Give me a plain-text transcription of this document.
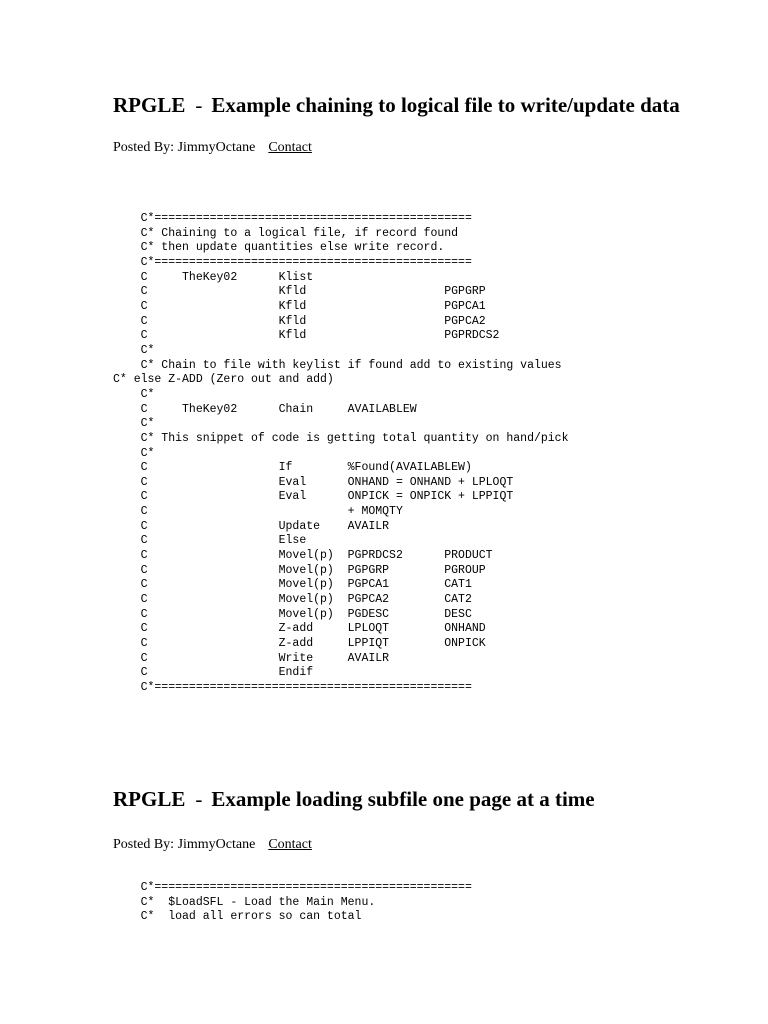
RPGLE - Example chaining to logical file to write/update data
Posted By: JimmyOctane Contact
C*==============================================
C* Chaining to a logical file, if record found
C* then update quantities else write record.
C*==============================================
C     TheKey02      Klist
C                   Kfld                    PGPGRP
C                   Kfld                    PGPCA1
C                   Kfld                    PGPCA2
C                   Kfld                    PGPRDCS2
C*
C* Chain to file with keylist if found add to existing values
C* else Z-ADD (Zero out and add)
C*
C     TheKey02      Chain     AVAILABLEW
C*
C* This snippet of code is getting total quantity on hand/pick
C*
C                   If        %Found(AVAILABLEW)
C                   Eval      ONHAND = ONHAND + LPLOQT
C                   Eval      ONPICK = ONPICK + LPPIQT
C                             + MOMQTY
C                   Update    AVAILR
C                   Else
C                   Movel(p)  PGPRDCS2      PRODUCT
C                   Movel(p)  PGPGRP        PGROUP
C                   Movel(p)  PGPCA1        CAT1
C                   Movel(p)  PGPCA2        CAT2
C                   Movel(p)  PGDESC        DESC
C                   Z-add     LPLOQT        ONHAND
C                   Z-add     LPPIQT        ONPICK
C                   Write     AVAILR
C                   Endif
C*==============================================
RPGLE - Example loading subfile one page at a time
Posted By: JimmyOctane Contact
C*==============================================
C*  $LoadSFL - Load the Main Menu.
C*  load all errors so can total
